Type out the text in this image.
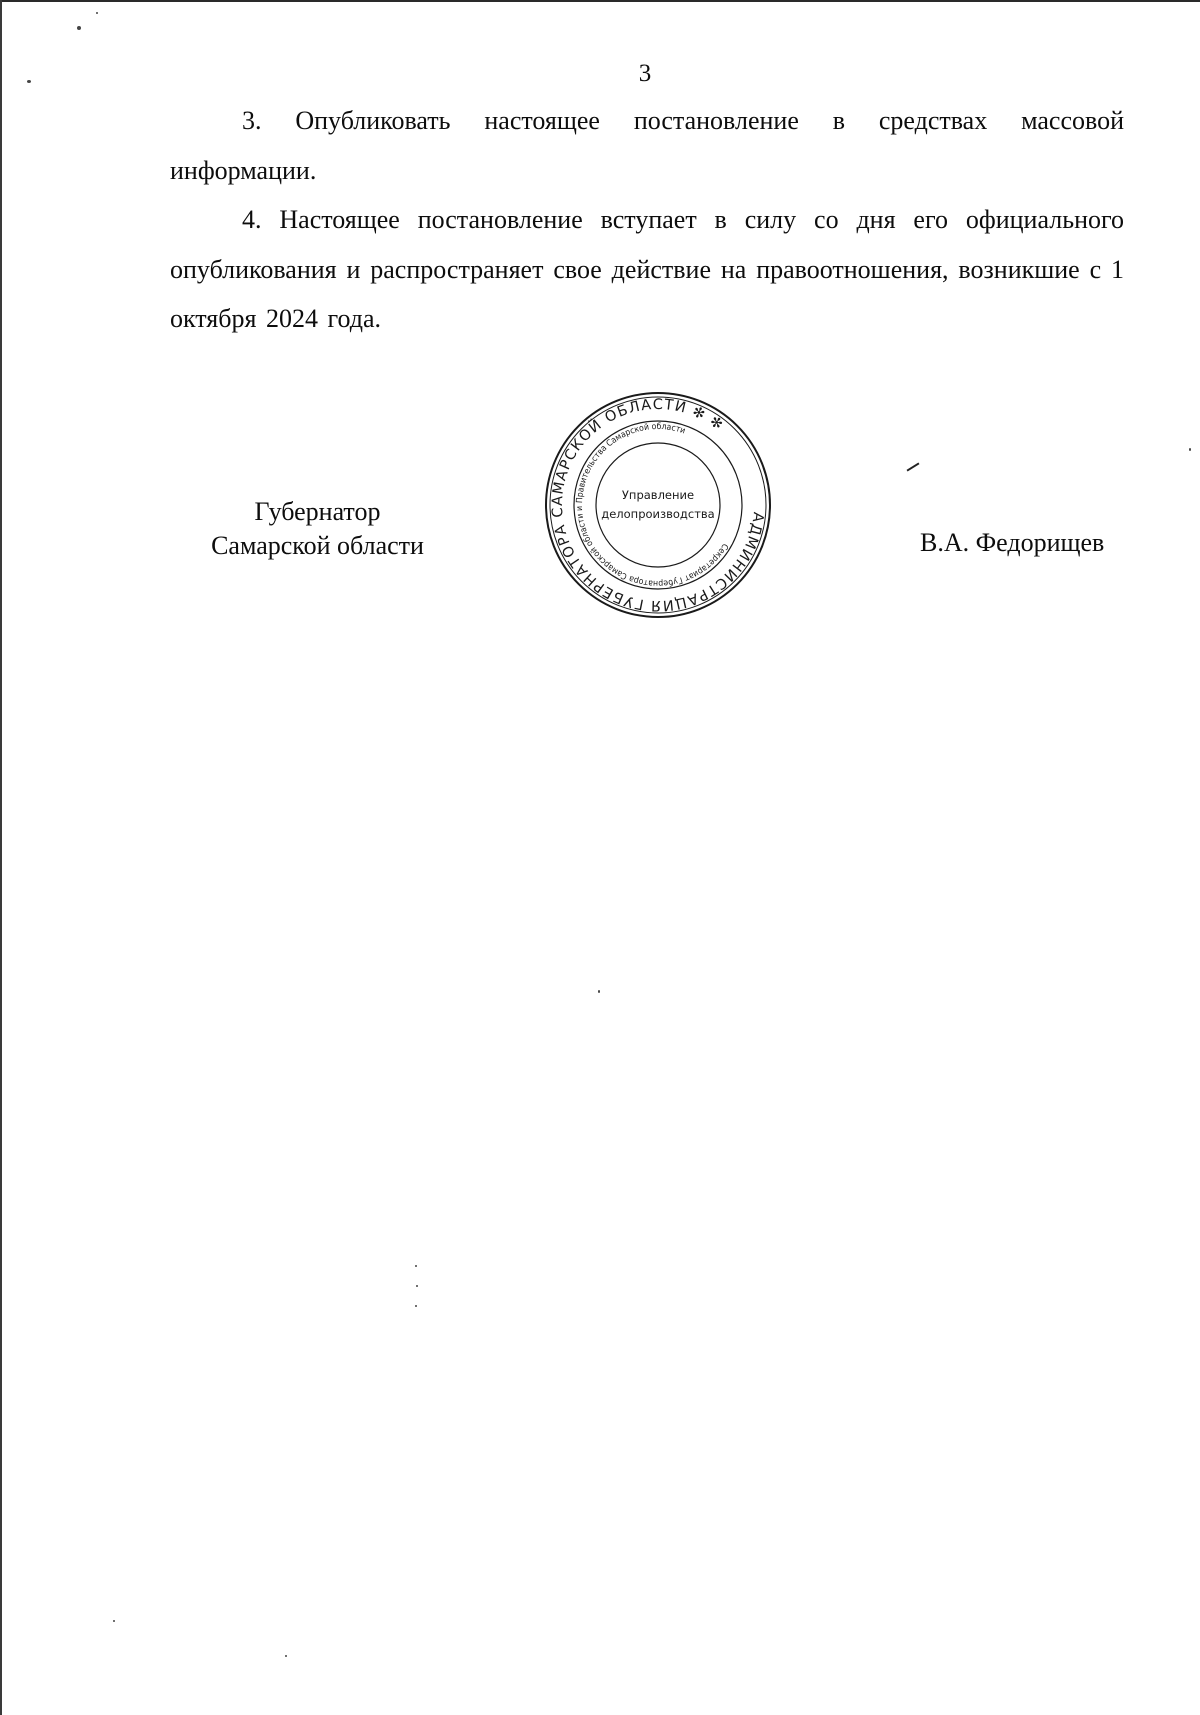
3

3. Опубликовать настоящее постановление в средствах массовой информации.

4. Настоящее постановление вступает в силу со дня его официального опубликования и распространяет свое действие на правоотношения, возникшие с 1 октября 2024 года.

Губернатор
Самарской области
АДМИНИСТРАЦИЯ ГУБЕРНАТОРА САМАРСКОЙ ОБЛАСТИ ✻ ✻
Секретариат Губернатора Самарской области и Правительства Самарской области
Управление
делопроизводства
В.А. Федорищев
